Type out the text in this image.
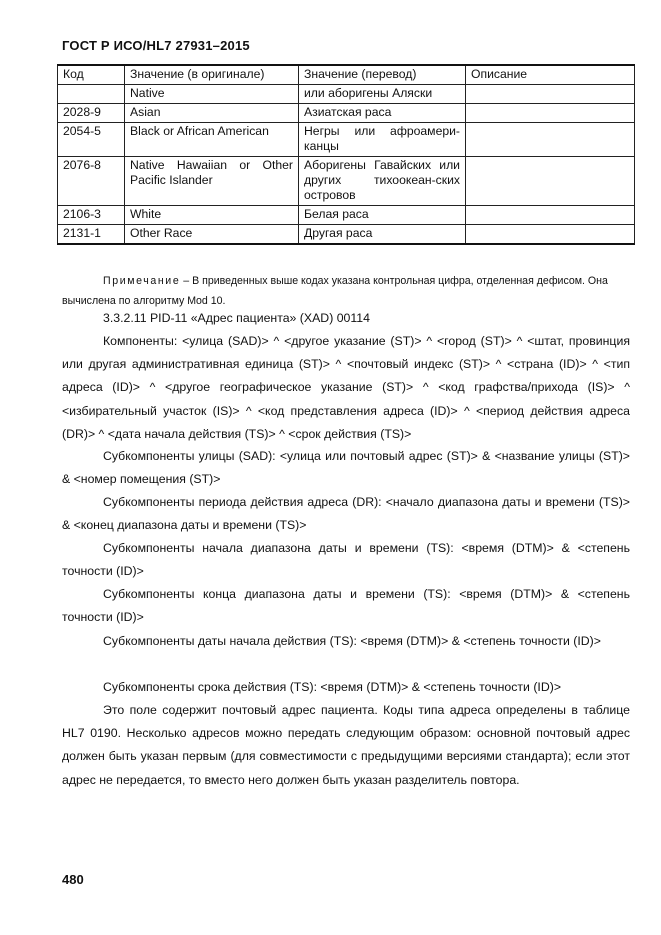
ГОСТ Р ИСО/HL7 27931–2015
Код	Значение (в оригинале)	Значение (перевод)	Описание
	Native	или аборигены Аляски	
2028-9	Asian	Азиатская раса	
2054-5	Black or African American	Негры или афроамери-канцы	
2076-8	Native Hawaiian or Other Pacific Islander	Аборигены Гавайских или других тихоокеан-ских островов	
2106-3	White	Белая раса	
2131-1	Other Race	Другая раса	
Примечание – В приведенных выше кодах указана контрольная цифра, отделенная дефисом. Она вычислена по алгоритму Mod 10.

3.3.2.11 PID-11 «Адрес пациента» (XAD) 00114

Компоненты: <улица (SAD)> ^ <другое указание (ST)> ^ <город (ST)> ^ <штат, провинция или другая административная единица (ST)> ^ <почтовый индекс (ST)> ^ <страна (ID)> ^ <тип адреса (ID)> ^ <другое географическое указание (ST)> ^ <код графства/прихода (IS)> ^ <избирательный участок (IS)> ^ <код представления адреса (ID)> ^ <период действия адреса (DR)> ^ <дата начала действия (TS)> ^ <срок действия (TS)>

Субкомпоненты улицы (SAD): <улица или почтовый адрес (ST)> & <название улицы (ST)> & <номер помещения (ST)>

Субкомпоненты периода действия адреса (DR): <начало диапазона даты и времени (TS)> & <конец диапазона даты и времени (TS)>

Субкомпоненты начала диапазона даты и времени (TS): <время (DTM)> & <степень точности (ID)>

Субкомпоненты конца диапазона даты и времени (TS): <время (DTM)> & <степень точности (ID)>

Субкомпоненты даты начала действия (TS): <время (DTM)> & <степень точности (ID)>

Субкомпоненты срока действия (TS): <время (DTM)> & <степень точности (ID)>

Это поле содержит почтовый адрес пациента. Коды типа адреса определены в таблице HL7 0190. Несколько адресов можно передать следующим образом: основной почтовый адрес должен быть указан первым (для совместимости с предыдущими версиями стандарта); если этот адрес не передается, то вместо него должен быть указан разделитель повтора.

480
